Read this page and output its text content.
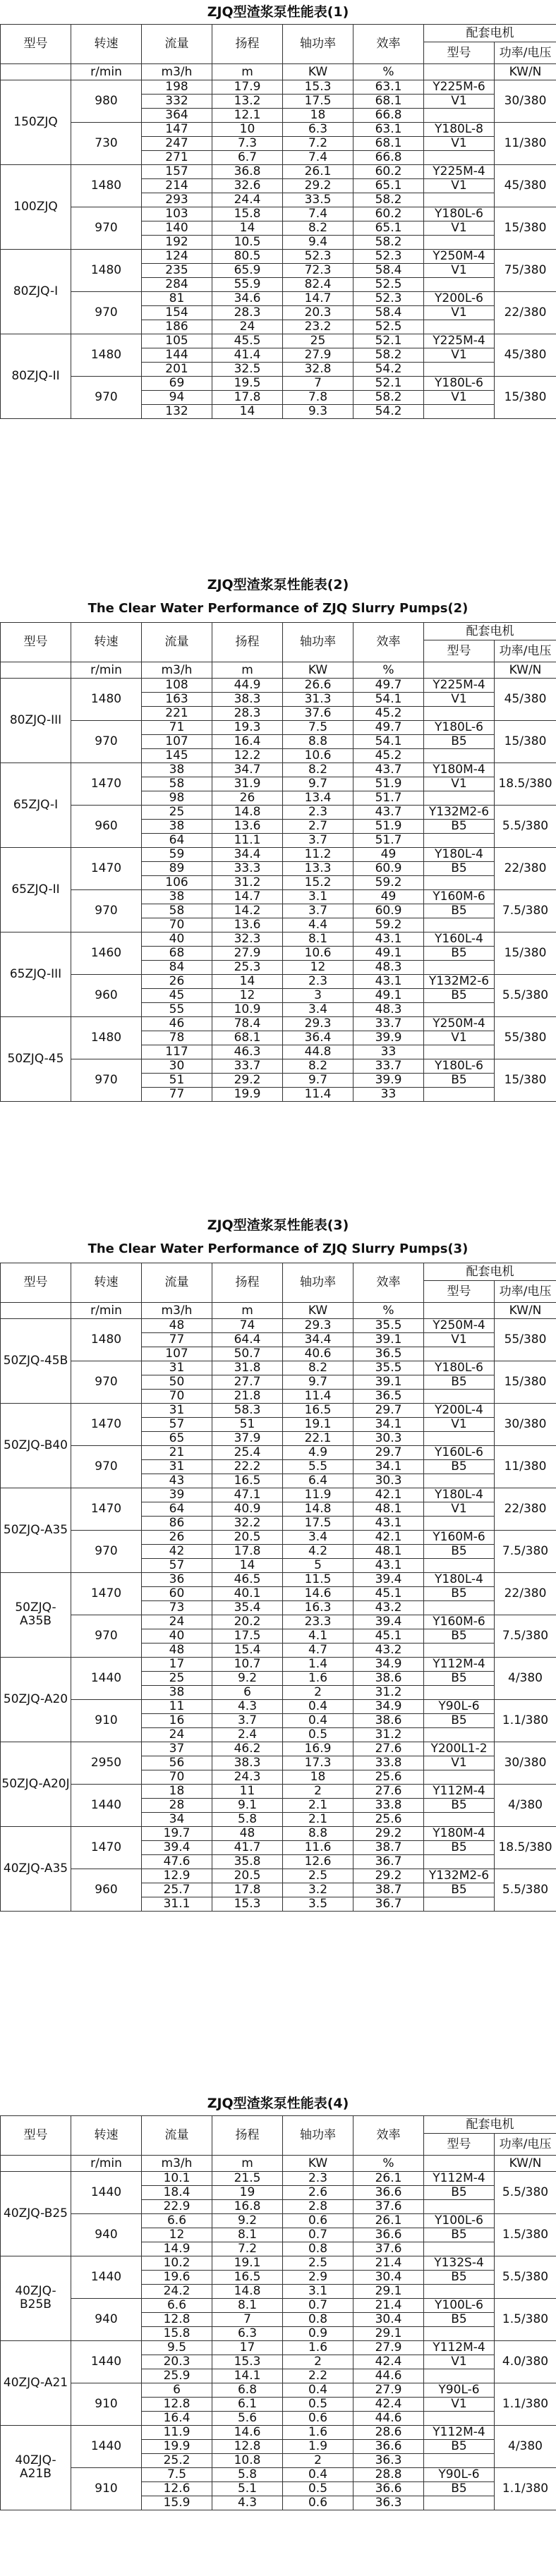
ZJQ型渣浆泵性能表(1)
型号	转速	流量	扬程	轴功率	效率	配套电机	
						型号	功率/电压
	r/min	m3/h	m	KW	%		KW/N
150ZJQ	980	198	17.9	15.3	63.1	Y225M-6	30/380
		332	13.2	17.5	68.1	V1	
		364	12.1	18	66.8		
	730	147	10	6.3	63.1	Y180L-8	11/380
		247	7.3	7.2	68.1	V1	
		271	6.7	7.4	66.8		
100ZJQ	1480	157	36.8	26.1	60.2	Y225M-4	45/380
		214	32.6	29.2	65.1	V1	
		293	24.4	33.5	58.2		
	970	103	15.8	7.4	60.2	Y180L-6	15/380
		140	14	8.2	65.1	V1	
		192	10.5	9.4	58.2		
80ZJQ-I	1480	124	80.5	52.3	52.3	Y250M-4	75/380
		235	65.9	72.3	58.4	V1	
		284	55.9	82.4	52.5		
	970	81	34.6	14.7	52.3	Y200L-6	22/380
		154	28.3	20.3	58.4	V1	
		186	24	23.2	52.5		
80ZJQ-II	1480	105	45.5	25	52.1	Y225M-4	45/380
		144	41.4	27.9	58.2	V1	
		201	32.5	32.8	54.2		
	970	69	19.5	7	52.1	Y180L-6	15/380
		94	17.8	7.8	58.2	V1	
		132	14	9.3	54.2		
ZJQ型渣浆泵性能表(2)
The Clear Water Performance of ZJQ Slurry Pumps(2)
型号	转速	流量	扬程	轴功率	效率	配套电机	
						型号	功率/电压
	r/min	m3/h	m	KW	%		KW/N
80ZJQ-III	1480	108	44.9	26.6	49.7	Y225M-4	45/380
		163	38.3	31.3	54.1	V1	
		221	28.3	37.6	45.2		
	970	71	19.3	7.5	49.7	Y180L-6	15/380
		107	16.4	8.8	54.1	B5	
		145	12.2	10.6	45.2		
65ZJQ-I	1470	38	34.7	8.2	43.7	Y180M-4	18.5/380
		58	31.9	9.7	51.9	V1	
		98	26	13.4	51.7		
	960	25	14.8	2.3	43.7	Y132M2-6	5.5/380
		38	13.6	2.7	51.9	B5	
		64	11.1	3.7	51.7		
65ZJQ-II	1470	59	34.4	11.2	49	Y180L-4	22/380
		89	33.3	13.3	60.9	B5	
		106	31.2	15.2	59.2		
	970	38	14.7	3.1	49	Y160M-6	7.5/380
		58	14.2	3.7	60.9	B5	
		70	13.6	4.4	59.2		
65ZJQ-III	1460	40	32.3	8.1	43.1	Y160L-4	15/380
		68	27.9	10.6	49.1	B5	
		84	25.3	12	48.3		
	960	26	14	2.3	43.1	Y132M2-6	5.5/380
		45	12	3	49.1	B5	
		55	10.9	3.4	48.3		
50ZJQ-45	1480	46	78.4	29.3	33.7	Y250M-4	55/380
		78	68.1	36.4	39.9	V1	
		117	46.3	44.8	33		
	970	30	33.7	8.2	33.7	Y180L-6	15/380
		51	29.2	9.7	39.9	B5	
		77	19.9	11.4	33		
ZJQ型渣浆泵性能表(3)
The Clear Water Performance of ZJQ Slurry Pumps(3)
型号	转速	流量	扬程	轴功率	效率	配套电机	
						型号	功率/电压
	r/min	m3/h	m	KW	%		KW/N
50ZJQ-45B	1480	48	74	29.3	35.5	Y250M-4	55/380
		77	64.4	34.4	39.1	V1	
		107	50.7	40.6	36.5		
	970	31	31.8	8.2	35.5	Y180L-6	15/380
		50	27.7	9.7	39.1	B5	
		70	21.8	11.4	36.5		
50ZJQ-B40	1470	31	58.3	16.5	29.7	Y200L-4	30/380
		57	51	19.1	34.1	V1	
		65	37.9	22.1	30.3		
	970	21	25.4	4.9	29.7	Y160L-6	11/380
		31	22.2	5.5	34.1	B5	
		43	16.5	6.4	30.3		
50ZJQ-A35	1470	39	47.1	11.9	42.1	Y180L-4	22/380
		64	40.9	14.8	48.1	V1	
		86	32.2	17.5	43.1		
	970	26	20.5	3.4	42.1	Y160M-6	7.5/380
		42	17.8	4.2	48.1	B5	
		57	14	5	43.1		
50ZJQ-A35B	1470	36	46.5	11.5	39.4	Y180L-4	22/380
		60	40.1	14.6	45.1	B5	
		73	35.4	16.3	43.2		
	970	24	20.2	23.3	39.4	Y160M-6	7.5/380
		40	17.5	4.1	45.1	B5	
		48	15.4	4.7	43.2		
50ZJQ-A20	1440	17	10.7	1.4	34.9	Y112M-4	4/380
		25	9.2	1.6	38.6	B5	
		38	6	2	31.2		
	910	11	4.3	0.4	34.9	Y90L-6	1.1/380
		16	3.7	0.4	38.6	B5	
		24	2.4	0.5	31.2		
50ZJQ-A20J	2950	37	46.2	16.9	27.6	Y200L1-2	30/380
		56	38.3	17.3	33.8	V1	
		70	24.3	18	25.6		
	1440	18	11	2	27.6	Y112M-4	4/380
		28	9.1	2.1	33.8	B5	
		34	5.8	2.1	25.6		
40ZJQ-A35	1470	19.7	48	8.8	29.2	Y180M-4	18.5/380
		39.4	41.7	11.6	38.7	B5	
		47.6	35.8	12.6	36.7		
	960	12.9	20.5	2.5	29.2	Y132M2-6	5.5/380
		25.7	17.8	3.2	38.7	B5	
		31.1	15.3	3.5	36.7		
ZJQ型渣浆泵性能表(4)
型号	转速	流量	扬程	轴功率	效率	配套电机	
						型号	功率/电压
	r/min	m3/h	m	KW	%		KW/N
40ZJQ-B25	1440	10.1	21.5	2.3	26.1	Y112M-4	5.5/380
		18.4	19	2.6	36.6	B5	
		22.9	16.8	2.8	37.6		
	940	6.6	9.2	0.6	26.1	Y100L-6	1.5/380
		12	8.1	0.7	36.6	B5	
		14.9	7.2	0.8	37.6		
40ZJQ-B25B	1440	10.2	19.1	2.5	21.4	Y132S-4	5.5/380
		19.6	16.5	2.9	30.4	B5	
		24.2	14.8	3.1	29.1		
	940	6.6	8.1	0.7	21.4	Y100L-6	1.5/380
		12.8	7	0.8	30.4	B5	
		15.8	6.3	0.9	29.1		
40ZJQ-A21	1440	9.5	17	1.6	27.9	Y112M-4	4.0/380
		20.3	15.3	2	42.4	V1	
		25.9	14.1	2.2	44.6		
	910	6	6.8	0.4	27.9	Y90L-6	1.1/380
		12.8	6.1	0.5	42.4	V1	
		16.4	5.6	0.6	44.6		
40ZJQ-A21B	1440	11.9	14.6	1.6	28.6	Y112M-4	4/380
		19.9	12.8	1.9	36.6	B5	
		25.2	10.8	2	36.3		
	910	7.5	5.8	0.4	28.8	Y90L-6	1.1/380
		12.6	5.1	0.5	36.6	B5	
		15.9	4.3	0.6	36.3		
